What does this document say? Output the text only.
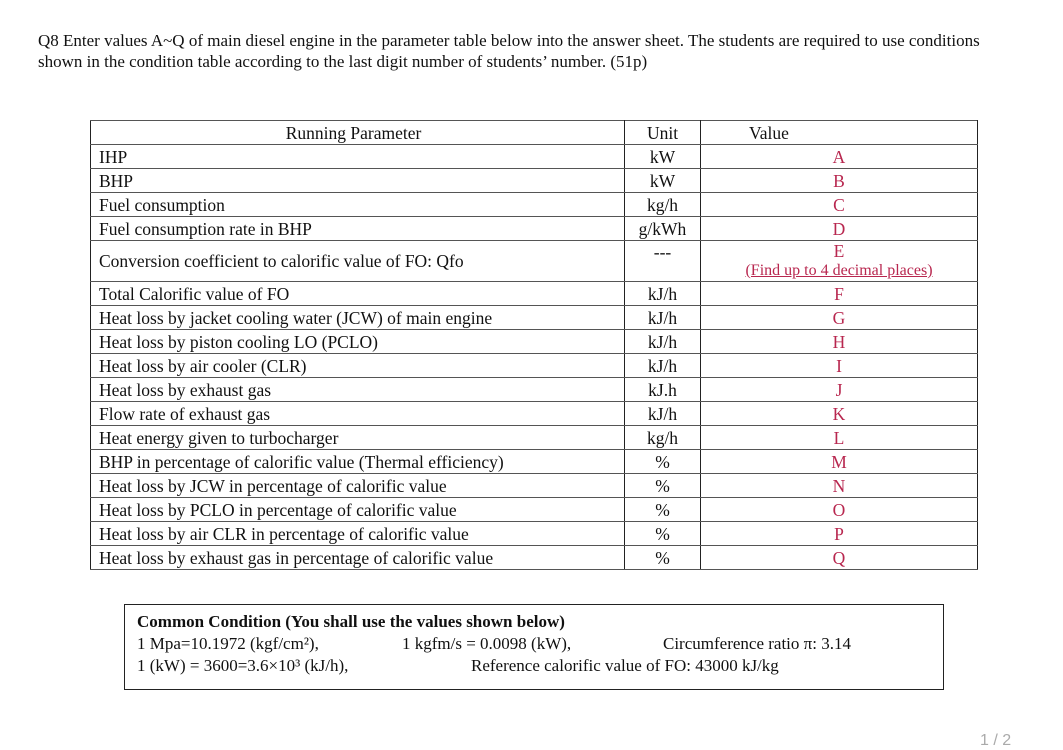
Q8 Enter values A~Q of main diesel engine in the parameter table below into the answer sheet. The students are required to use conditions shown in the condition table according to the last digit number of students’ number. (51p)

Running Parameter	Unit	Value
IHP	kW	A

BHP	kW	B

Fuel consumption	kg/h	C

Fuel consumption rate in BHP	g/kWh	D

Conversion coefficient to calorific value of FO: Qfo	---	E
(Find up to 4 decimal places)

Total Calorific value of FO	kJ/h	F

Heat loss by jacket cooling water (JCW) of main engine	kJ/h	G

Heat loss by piston cooling LO (PCLO)	kJ/h	H

Heat loss by air cooler (CLR)	kJ/h	I

Heat loss by exhaust gas	kJ.h	J

Flow rate of exhaust gas	kJ/h	K

Heat energy given to turbocharger	kg/h	L

BHP in percentage of calorific value (Thermal efficiency)	%	M

Heat loss by JCW in percentage of calorific value	%	N

Heat loss by PCLO in percentage of calorific value	%	O

Heat loss by air CLR in percentage of calorific value	%	P

Heat loss by exhaust gas in percentage of calorific value	%	Q
Common Condition (You shall use the values shown below)
1 Mpa=10.1972 (kgf/cm²),	1 kgfm/s = 0.0098 (kW),	Circumference ratio π: 3.14
1 (kW) = 3600=3.6×10³ (kJ/h),	Reference calorific value of FO: 43000 kJ/kg
1 / 2
